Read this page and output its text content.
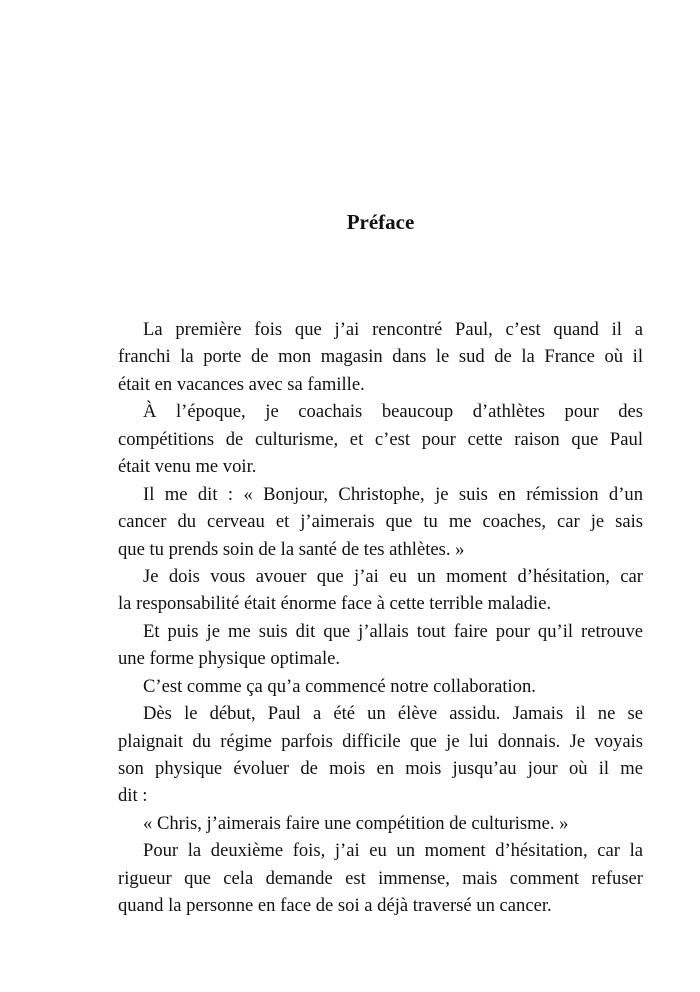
Préface
La première fois que j’ai rencontré Paul, c’est quand il a
franchi la porte de mon magasin dans le sud de la France où il
était en vacances avec sa famille.
À l’époque, je coachais beaucoup d’athlètes pour des
compétitions de culturisme, et c’est pour cette raison que Paul
était venu me voir.
Il me dit : « Bonjour, Christophe, je suis en rémission d’un
cancer du cerveau et j’aimerais que tu me coaches, car je sais
que tu prends soin de la santé de tes athlètes. »
Je dois vous avouer que j’ai eu un moment d’hésitation, car
la responsabilité était énorme face à cette terrible maladie.
Et puis je me suis dit que j’allais tout faire pour qu’il retrouve
une forme physique optimale.
C’est comme ça qu’a commencé notre collaboration.
Dès le début, Paul a été un élève assidu. Jamais il ne se
plaignait du régime parfois difficile que je lui donnais. Je voyais
son physique évoluer de mois en mois jusqu’au jour où il me
dit :
« Chris, j’aimerais faire une compétition de culturisme. »
Pour la deuxième fois, j’ai eu un moment d’hésitation, car la
rigueur que cela demande est immense, mais comment refuser
quand la personne en face de soi a déjà traversé un cancer.
